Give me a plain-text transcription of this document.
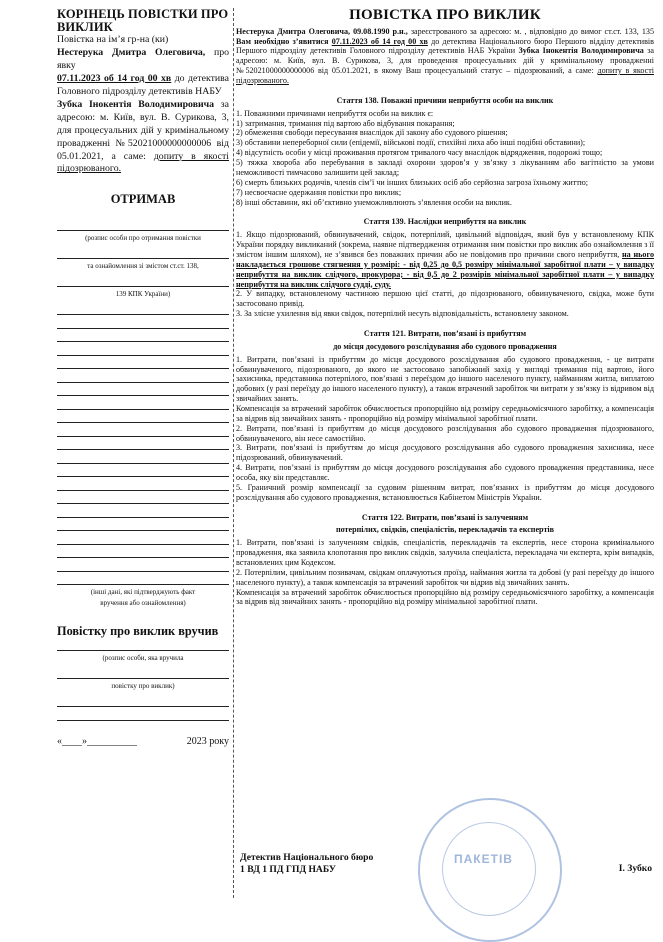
КОРІНЕЦЬ ПОВІСТКИ ПРО ВИКЛИК

Повістка на ім’я гр-на (ки)

Нестерука Дмитра Олеговича, про явку

07.11.2023 об 14 год 00 хв до детектива Головного підрозділу детективів НАБУ

Зубка Інокентія Володимировича за адресою: м. Київ, вул. В. Сурикова, 3, для процесуальних дій у кримінальному провадженні №52021000000000006 від 05.01.2021, а саме: допиту в якості підозрюваного.

ОТРИМАВ
(розпис особи про отримання повістки
та ознайомлення зі змістом ст.ст. 138,
139 КПК України)
(інші дані, які підтверджують факт
вручення або ознайомлення)
Повістку про виклик вручив
(розпис особи, яка вручила
повістку про виклик)
«____»__________	2023 року
ПОВІСТКА ПРО ВИКЛИК

Нестерука Дмитра Олеговича, 09.08.1990 р.н., зареєстрованого за адресою: м. , відповідно до вимог ст.ст. 133, 135 Вам необхідно з’явитися 07.11.2023 об 14 год 00 хв до детектива Національного бюро Першого відділу детективів Першого підрозділу детективів Головного підрозділу детективів НАБ України Зубка Інокентія Володимировича за адресою: м. Київ, вул. В. Сурикова, 3, для проведення процесуальних дій у кримінальному провадженні №52021000000000006 від 05.01.2021, в якому Ваш процесуальний статус – підозрюваний, а саме: допиту в якості підозрюваного.

Стаття 138. Поважні причини неприбуття особи на виклик

1. Поважними причинами неприбуття особи на виклик є:

1) затримання, тримання під вартою або відбування покарання;

2) обмеження свободи пересування внаслідок дії закону або судового рішення;

3) обставини непереборної сили (епідемії, військові події, стихійні лиха або інші подібні обставини);

4) відсутність особи у місці проживання протягом тривалого часу внаслідок відрядження, подорожі тощо;

5) тяжка хвороба або перебування в закладі охорони здоров’я у зв’язку з лікуванням або вагітністю за умови неможливості тимчасово залишити цей заклад;

6) смерть близьких родичів, членів сім’ї чи інших близьких осіб або серйозна загроза їхньому життю;

7) несвоєчасне одержання повістки про виклик;

8) інші обставини, які об’єктивно унеможливлюють з’явлення особи на виклик.

Стаття 139. Наслідки неприбуття на виклик

1. Якщо підозрюваний, обвинувачений, свідок, потерпілий, цивільний відповідач, який був у встановленому КПК України порядку викликаний (зокрема, наявне підтвердження отримання ним повістки про виклик або ознайомлення з її змістом іншим шляхом), не з’явився без поважних причин або не повідомив про причини свого неприбуття, на нього накладається грошове стягнення у розмірі: - від 0,25 до 0,5 розміру мінімальної заробітної плати – у випадку неприбуття на виклик слідчого, прокурора; - від 0,5 до 2 розмірів мінімальної заробітної плати – у випадку неприбуття на виклик слідчого судді, суду.

2. У випадку, встановленому частиною першою цієї статті, до підозрюваного, обвинуваченого, свідка, може бути застосовано привід.

3. За злісне ухилення від явки свідок, потерпілий несуть відповідальність, встановлену законом.

Стаття 121. Витрати, пов’язані із прибуттям
до місця досудового розслідування або судового провадження

1. Витрати, пов’язані із прибуттям до місця досудового розслідування або судового провадження, - це витрати обвинуваченого, підозрюваного, до якого не застосовано запобіжний захід у вигляді тримання під вартою, його захисника, представника потерпілого, пов’язані з переїздом до іншого населеного пункту, найманням житла, виплатою добових (у разі переїзду до іншого населеного пункту), а також втрачений заробіток чи витрати у зв’язку із відривом від звичайних занять.

Компенсація за втрачений заробіток обчислюється пропорційно від розміру середньомісячного заробітку, а компенсація за відрив від звичайних занять - пропорційно від розміру мінімальної заробітної плати.

2. Витрати, пов’язані із прибуттям до місця досудового розслідування або судового провадження підозрюваного, обвинуваченого, він несе самостійно.

3. Витрати, пов’язані із прибуттям до місця досудового розслідування або судового провадження захисника, несе підозрюваний, обвинувачений.

4. Витрати, пов’язані із прибуттям до місця досудового розслідування або судового провадження представника, несе особа, яку він представляє.

5. Граничний розмір компенсації за судовим рішенням витрат, пов’язаних із прибуттям до місця досудового розслідування або судового провадження, встановлюється Кабінетом Міністрів України.

Стаття 122. Витрати, пов’язані із залученням
потерпілих, свідків, спеціалістів, перекладачів та експертів

1. Витрати, пов’язані із залученням свідків, спеціалістів, перекладачів та експертів, несе сторона кримінального провадження, яка заявила клопотання про виклик свідків, залучила спеціаліста, перекладача чи експерта, крім випадків, встановлених цим Кодексом.

2. Потерпілим, цивільним позивачам, свідкам оплачуються проїзд, наймання житла та добові (у разі переїзду до іншого населеного пункту), а також компенсація за втрачений заробіток чи відрив від звичайних занять.

Компенсація за втрачений заробіток обчислюється пропорційно від розміру середньомісячного заробітку, а компенсація за відрив від звичайних занять - пропорційно від розміру мінімальної заробітної плати.

ПАКЕТІВ
Детектив Національного бюро
1 ВД 1 ПД ГПД НАБУ	І. Зубко
